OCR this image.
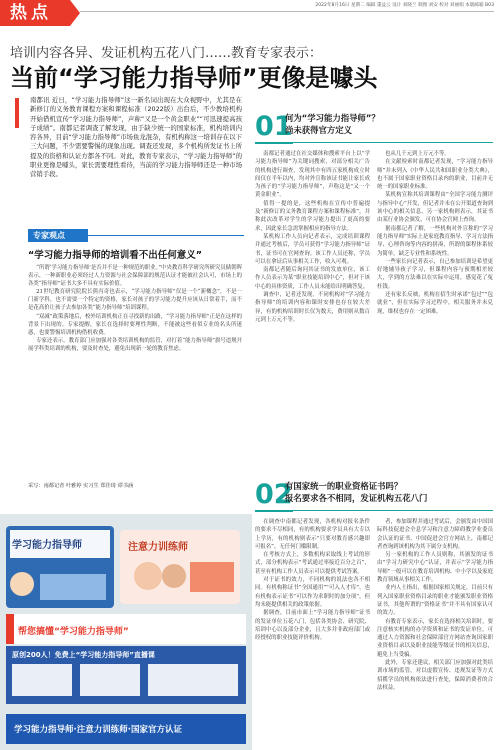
热点	2022年8月16日 星期二 编辑 董益云 设计 刘晓兰 制图 刘安 校对 刘丽娟 本版邮箱 B03
培训内容各异、发证机构五花八门……教育专家表示：
当前“学习能力指导师”更像是噱头
南都讯 近日，“学习能力指导师”这一新名词出现在大众视野中，尤其是在新修订的义务教育课程方案和课程标准（2022版）出台后，不少教培机构开始借机宣传“学习能力指导师”，声称“又是一个黄金职业”“可迅速提高孩子成绩”。南都记者调查了解发现，由于缺少统一的国家标准，机构培训内容各异，目前“学习能力指导师”市场鱼龙混杂，有机构称这一培训存在以下三大问题，不少需要警惕的现象出现。调查还发现，多个机构所发证书上所提及的资格和认证方都各不同。对此，教育专家表示，“学习能力指导师”的职业更像是噱头，家长需要理性看待，当前的学习能力指导师还是一种市场营销手段。
专家观点
“学习能力指导师的培训看不出任何意义”

“所谓‘学习能力指导师’是否并不是一种规范的职业。”中央教育科学研究所研究员储朝晖表示，一种新职业必须经过人力资源与社会保障部的规范认证才能被社会认可，市场上的各类“指导师”证书大多不具有实际价值。

21世纪教育研究院院长熊丙奇也表示，“学习能力指导师”仅是一个“新概念”，不是一门新学科，也不需要一个特定的资格，家长对孩子的学习能力提升应该从日常着手，而不是花高价让孩子去参加各类“能力指导师”培训课程。

“双减”政策落地后，校外培训机构正在寻找新的出路，“学习能力指导师”正是在这样的背景下出现的。专家提醒，家长在选择时要理性判断，不能被这些看似专业的名头所迷惑，也要警惕培训机构借机收费。

专家还表示，教育部门应加强对各类培训机构的监管，对打着“能力指导师”旗号违规开展学科类培训的机构，要及时查处，避免出现新一轮的教育焦虑。

采写：南都记者 叶雅婷 实习生 郑佳琦 谭书涵
01
何为“学习能力指导师”？
尚未获得官方定义

南都记者通过在社交媒体和搜索平台上以“学习能力指导师”为关键词搜索，对部分相关广告的机构进行调查，发现其中有四五家机构成立时间仅在半年以内，均对外宣称该证书能让家长成为孩子的“学习能力指导师”，声称这是“又一个黄金职业”。

值得一提的是，这些机构在宣传中普遍提及“新修订的义务教育课程方案和课程标准”，并称此次改革对学生的学习能力提出了更高的要求，因此家长急需掌握相应的指导方法。

某机构工作人员向记者表示，完成培训课程并通过考核后，学员可获得“学习能力指导师”证书，证书可在官网查询。该工作人员还称，学员可以在拿证后从事相关工作，收入可观。

南都记者随后询问其证书的发放单位，该工作人员表示为某“职业技能培训中心”，但对于该中心的具体资质，工作人员未能给出明确答复。

调查中，记者还发现，不同机构对“学习能力指导师”的培训内容和课时安排也存在较大差异，有的机构培训时长仅为数天，费用则从数百元到上万元不等。

也从几千元到上万元不等。

在文献检索时南都记者发现，“学习能力指导师”并未列入《中华人民共和国职业分类大典》，也不属于国家职业资格目录内的职业，目前并无统一的国家职业标准。

某机构宣称其培训课程由“全国学习能力测评与指导中心”开发，但记者并未在公开渠道查询到该中心的相关信息。另一家机构则表示，其证书由某行业协会颁发，可在协会官网上查询。

据南都记者了解，一些机构对外宣称的“学习能力指导师”实际上是家庭教育指导、学习方法指导、心理咨询等内容的拼凑，所谓的课程体系较为简单，缺乏专业性和系统性。

一些家长向记者表示，自己参加培训是希望更好地辅导孩子学习，但课程内容与预期相差较大，学到的方法难以在实际中运用，感觉花了冤枉钱。

还有家长反映，机构在招生时承诺“包过”“包就业”，但在实际学习过程中，相关服务并未兑现，维权也存在一定困难。

02
有国家统一的职业资格证书吗？
报名要求各不相同，发证机构五花八门

在调查中南都记者发现，各机构对报名条件的要求不尽相同，有的机构要求学员具有大专以上学历，有的机构则表示“只要对教育感兴趣即可报名”，无任何门槛限制。

在考核方式上，多数机构采取线上考试的形式，部分机构表示“考试通过率接近百分之百”，甚至有机构工作人员表示可以提供考试答案。

对于证书的效力，不同机构的说法也各不相同。有机构称证书“全国通用”“可入人才库”，也有机构表示证书“可以作为求职时的加分项”，但均未能提供相关的政策依据。

据调查，目前市面上“学习能力指导师”证书的发证单位五花八门，包括各类协会、研究院、培训中心以及部分企业，且大多并非政府部门或经授权的职业技能评价机构。

者，参加课程并通过考试后，会颁发由中国国际科技促进会全息学习和注意力障碍教学业委员会认证的证书。中国促进会官方网站上，南都记者查询到该机构为其下属分支机构。

另一家机构的工作人员则称，其颁发的证书由“学习力研究中心”认证，并表示“学习能力指导师”一般可以在教育培训机构、中小学以及家庭教育领域从事相关工作。

业内人士指出，根据国家相关规定，目前只有列入国家职业资格目录的职业才能颁发职业资格证书，其他所谓的“资格证书”并不具有国家认可的效力。

有教育专家表示，家长在选择相关培训时，要注意核实机构的办学资质和证书的发证单位，可通过人力资源和社会保障部官方网站查询国家职业资格目录以及职业技能等级证书的相关信息，避免上当受骗。

此外，专家还建议，相关部门应加强对此类培训市场的监管，对以虚假宣传、违规发证等方式招揽学员的机构依法进行查处，保障消费者的合法权益。

学习能力指导师	注意力训练师
帮您搞懂“学习能力指导师”
原创200人！免费上“学习能力指导师”直播课
学习能力指导师·注意力训练师·国家官方认证
